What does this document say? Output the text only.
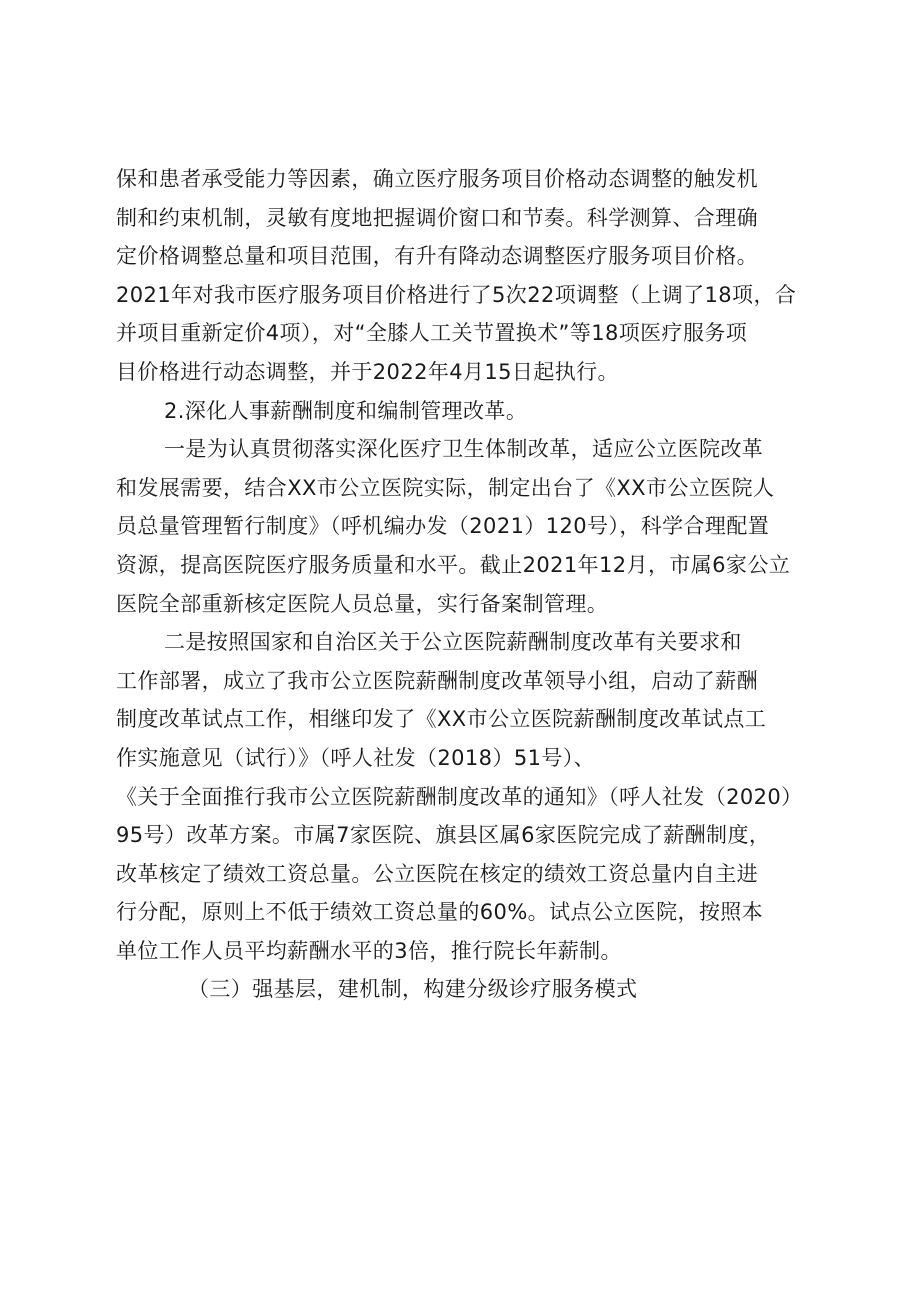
保和患者承受能力等因素，确立医疗服务项目价格动态调整的触发机
制和约束机制，灵敏有度地把握调价窗口和节奏。科学测算、合理确
定价格调整总量和项目范围，有升有降动态调整医疗服务项目价格。
2021年对我市医疗服务项目价格进行了5次22项调整（上调了18项，合
并项目重新定价4项），对“全膝人工关节置换术”等18项医疗服务项
目价格进行动态调整，并于2022年4月15日起执行。
2.深化人事薪酬制度和编制管理改革。
一是为认真贯彻落实深化医疗卫生体制改革，适应公立医院改革
和发展需要，结合XX市公立医院实际，制定出台了《XX市公立医院人
员总量管理暂行制度》（呼机编办发（2021）120号），科学合理配置
资源，提高医院医疗服务质量和水平。截止2021年12月，市属6家公立
医院全部重新核定医院人员总量，实行备案制管理。
二是按照国家和自治区关于公立医院薪酬制度改革有关要求和
工作部署，成立了我市公立医院薪酬制度改革领导小组，启动了薪酬
制度改革试点工作，相继印发了《XX市公立医院薪酬制度改革试点工
作实施意见（试行）》（呼人社发（2018）51号）、
《关于全面推行我市公立医院薪酬制度改革的通知》（呼人社发（2020）
95号）改革方案。市属7家医院、旗县区属6家医院完成了薪酬制度，
改革核定了绩效工资总量。公立医院在核定的绩效工资总量内自主进
行分配，原则上不低于绩效工资总量的60%。试点公立医院，按照本
单位工作人员平均薪酬水平的3倍，推行院长年薪制。
（三）强基层，建机制，构建分级诊疗服务模式
